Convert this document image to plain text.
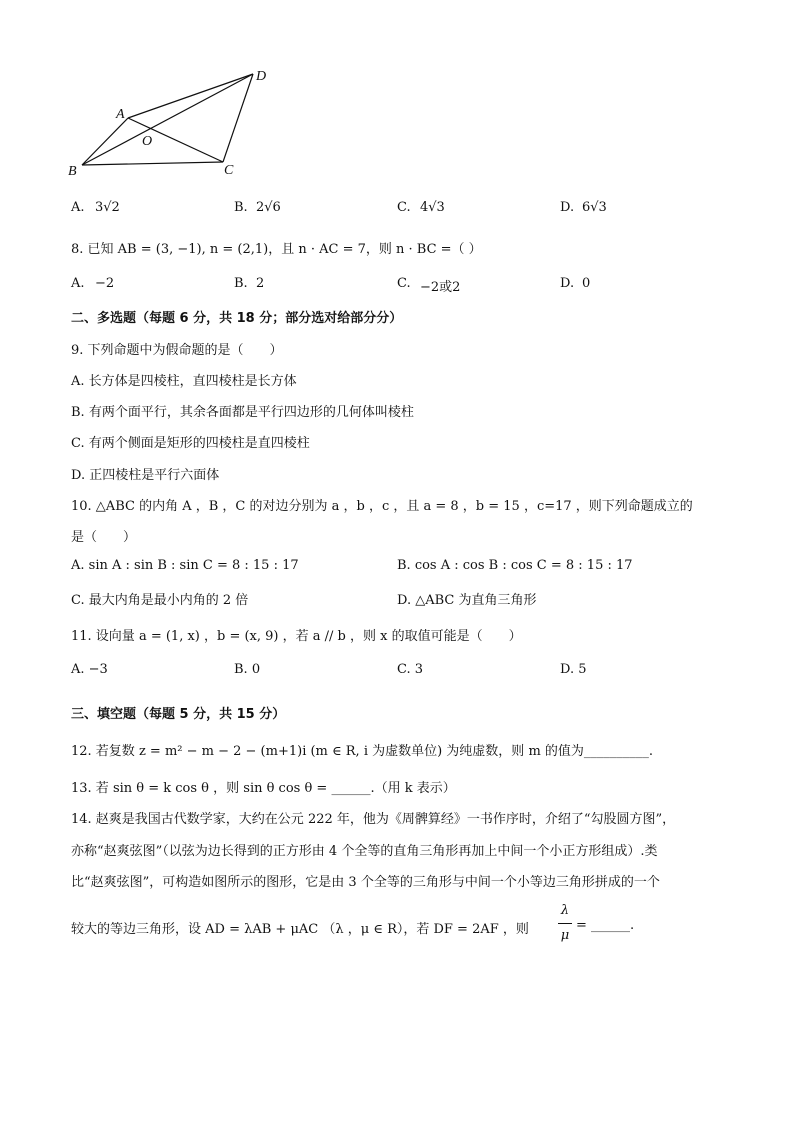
A
B	C
D
O
A. 3√2	B. 2√6	C. 4√3	D. 6√3
8. 已知 AB = (3, −1), n = (2,1)，且 n · AC = 7，则 n · BC =（ ）
A. −2	B. 2	C. −2或2	D. 0
二、多选题（每题 6 分，共 18 分；部分选对给部分分）
9. 下列命题中为假命题的是（　　）
A. 长方体是四棱柱，直四棱柱是长方体
B. 有两个面平行，其余各面都是平行四边形的几何体叫棱柱
C. 有两个侧面是矩形的四棱柱是直四棱柱
D. 正四棱柱是平行六面体
10. △ABC 的内角 A ，B ，C 的对边分别为 a ，b ，c ，且 a = 8 ，b = 15 ，c=17 ，则下列命题成立的
是（　　）
A. sin A : sin B : sin C = 8 : 15 : 17	B. cos A : cos B : cos C = 8 : 15 : 17
C. 最大内角是最小内角的 2 倍	D. △ABC 为直角三角形
11. 设向量 a = (1, x) ，b = (x, 9) ，若 a // b ，则 x 的取值可能是（　　）
A. −3	B. 0	C. 3	D. 5
三、填空题（每题 5 分，共 15 分）
12. 若复数 z = m² − m − 2 − (m+1)i (m ∈ R, i 为虚数单位) 为纯虚数，则 m 的值为__________.
13. 若 sin θ = k cos θ ，则 sin θ cos θ = ______.（用 k 表示）
14. 赵爽是我国古代数学家，大约在公元 222 年，他为《周髀算经》一书作序时，介绍了“勾股圆方图”，
亦称“赵爽弦图”（以弦为边长得到的正方形由 4 个全等的直角三角形再加上中间一个小正方形组成）.类
比“赵爽弦图”，可构造如图所示的图形，它是由 3 个全等的三角形与中间一个小等边三角形拼成的一个
较大的等边三角形，设 AD = λAB + μAC （λ ，μ ∈ R），若 DF = 2AF ，则
λ
μ
= ______.
